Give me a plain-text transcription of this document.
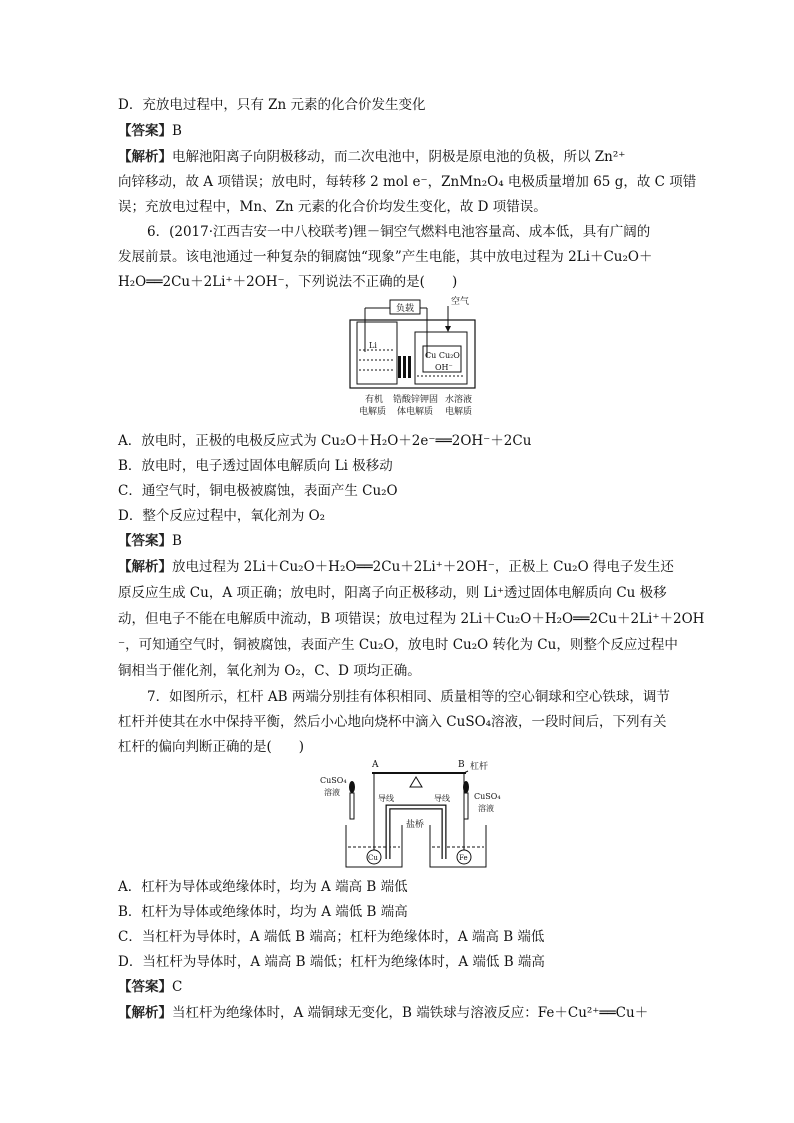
D．充放电过程中，只有 Zn 元素的化合价发生变化
【答案】B
【解析】电解池阳离子向阴极移动，而二次电池中，阴极是原电池的负极，所以 Zn²⁺
向锌移动，故 A 项错误；放电时，每转移 2 mol e⁻，ZnMn₂O₄ 电极质量增加 65 g，故 C 项错
误；充放电过程中，Mn、Zn 元素的化合价均发生变化，故 D 项错误。
6．(2017·江西吉安一中八校联考)锂－铜空气燃料电池容量高、成本低，具有广阔的
发展前景。该电池通过一种复杂的铜腐蚀“现象”产生电能，其中放电过程为 2Li＋Cu₂O＋
H₂O══2Cu＋2Li⁺＋2OH⁻，下列说法不正确的是(　　)
负载
空气
Li
Cu Cu₂O
OH⁻
有机
电解质
锆酸锌钾固
体电解质
水溶液
电解质
A．放电时，正极的电极反应式为 Cu₂O＋H₂O＋2e⁻══2OH⁻＋2Cu
B．放电时，电子透过固体电解质向 Li 极移动
C．通空气时，铜电极被腐蚀，表面产生 Cu₂O
D．整个反应过程中，氧化剂为 O₂
【答案】B
【解析】放电过程为 2Li＋Cu₂O＋H₂O══2Cu＋2Li⁺＋2OH⁻，正极上 Cu₂O 得电子发生还
原反应生成 Cu，A 项正确；放电时，阳离子向正极移动，则 Li⁺透过固体电解质向 Cu 极移
动，但电子不能在电解质中流动，B 项错误；放电过程为 2Li＋Cu₂O＋H₂O══2Cu＋2Li⁺＋2OH
⁻，可知通空气时，铜被腐蚀，表面产生 Cu₂O，放电时 Cu₂O 转化为 Cu，则整个反应过程中
铜相当于催化剂，氧化剂为 O₂，C、D 项均正确。
7．如图所示，杠杆 AB 两端分别挂有体积相同、质量相等的空心铜球和空心铁球，调节
杠杆并使其在水中保持平衡，然后小心地向烧杯中滴入 CuSO₄溶液，一段时间后，下列有关
杠杆的偏向判断正确的是(　　)
A	B 杠杆
CuSO₄
溶液	CuSO₄
溶液
盐桥
导线	导线
Cu	Fe
A．杠杆为导体或绝缘体时，均为 A 端高 B 端低
B．杠杆为导体或绝缘体时，均为 A 端低 B 端高
C．当杠杆为导体时，A 端低 B 端高；杠杆为绝缘体时，A 端高 B 端低
D．当杠杆为导体时，A 端高 B 端低；杠杆为绝缘体时，A 端低 B 端高
【答案】C
【解析】当杠杆为绝缘体时，A 端铜球无变化，B 端铁球与溶液反应：Fe＋Cu²⁺══Cu＋
